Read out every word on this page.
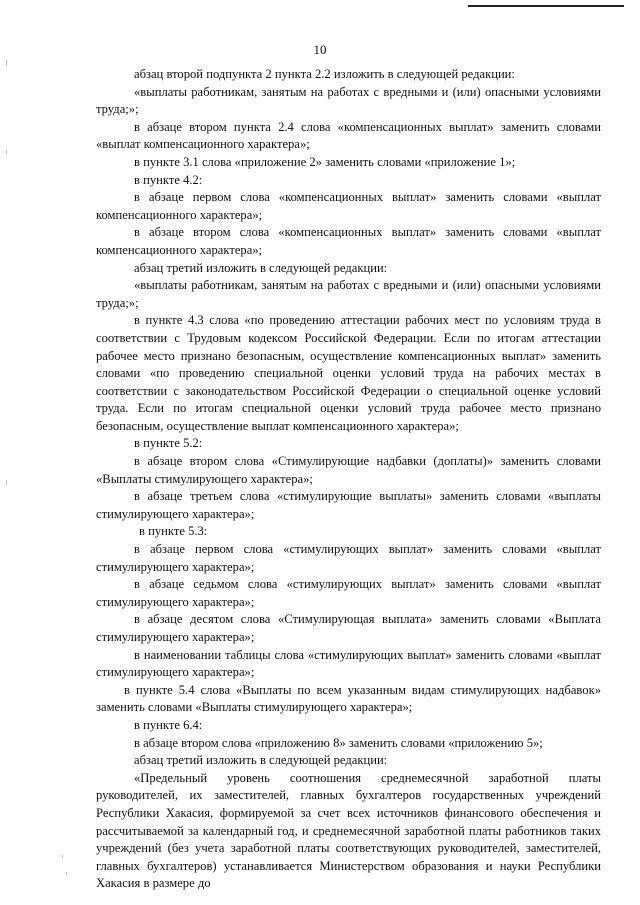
10

абзац второй подпункта 2 пункта 2.2 изложить в следующей редакции:

«выплаты работникам, занятым на работах с вредными и (или) опасными условиями труда;»;

в абзаце втором пункта 2.4 слова «компенсационных выплат» заменить словами «выплат компенсационного характера»;

в пункте 3.1 слова «приложение 2» заменить словами «приложение 1»;

в пункте 4.2:

в абзаце первом слова «компенсационных выплат» заменить словами «выплат компенсационного характера»;

в абзаце втором слова «компенсационных выплат» заменить словами «выплат компенсационного характера»;

абзац третий изложить в следующей редакции:

«выплаты работникам, занятым на работах с вредными и (или) опасными условиями труда;»;

в пункте 4.3 слова «по проведению аттестации рабочих мест по условиям труда в соответствии с Трудовым кодексом Российской Федерации. Если по итогам аттестации рабочее место признано безопасным, осуществление компенсационных выплат» заменить словами «по проведению специальной оценки условий труда на рабочих местах в соответствии с законодательством Российской Федерации о специальной оценке условий труда. Если по итогам специальной оценки условий труда рабочее место признано безопасным, осуществление выплат компенсационного характера»;

в пункте 5.2:

в абзаце втором слова «Стимулирующие надбавки (доплаты)» заменить словами «Выплаты стимулирующего характера»;

в абзаце третьем слова «стимулирующие выплаты» заменить словами «выплаты стимулирующего характера»;

в пункте 5.3:

в абзаце первом слова «стимулирующих выплат» заменить словами «выплат стимулирующего характера»;

в абзаце седьмом слова «стимулирующих выплат» заменить словами «выплат стимулирующего характера»;

в абзаце десятом слова «Стимулирующая выплата» заменить словами «Выплата стимулирующего характера»;

в наименовании таблицы слова «стимулирующих выплат» заменить словами «выплат стимулирующего характера»;

в пункте 5.4 слова «Выплаты по всем указанным видам стимулирующих надбавок» заменить словами «Выплаты стимулирующего характера»;

в пункте 6.4:

в абзаце втором слова «приложению 8» заменить словами «приложению 5»;

абзац третий изложить в следующей редакции:

«Предельный уровень соотношения среднемесячной заработной платы руководителей, их заместителей, главных бухгалтеров государственных учреждений Республики Хакасия, формируемой за счет всех источников финансового обеспечения и рассчитываемой за календарный год, и среднемесячной заработной платы работников таких учреждений (без учета заработной платы соответствующих руководителей, заместителей, главных бухгалтеров) устанавливается Министерством образования и науки Республики Хакасия в размере до
